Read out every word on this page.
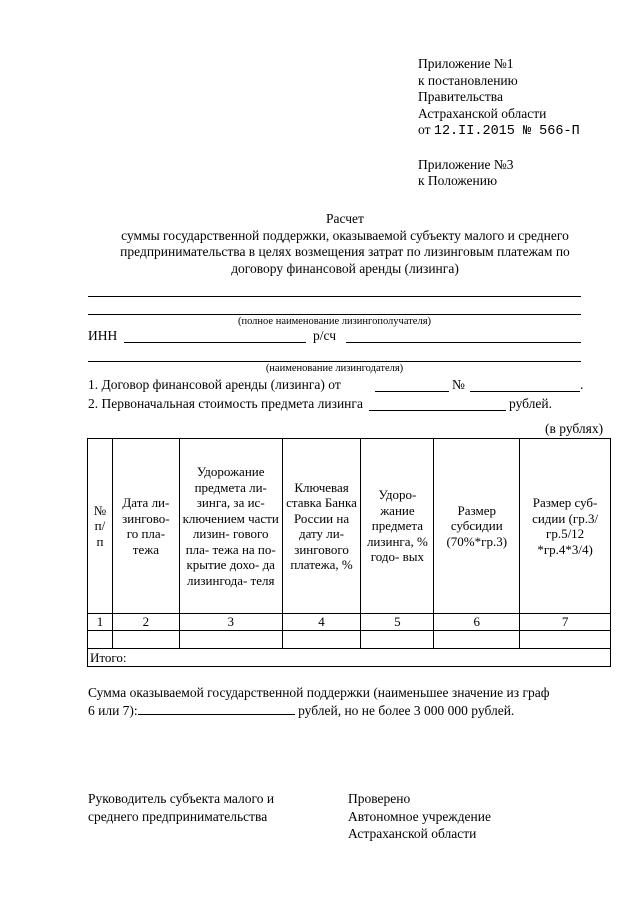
Приложение №1
к постановлению
Правительства
Астраханской области
от 12.II.2015 № 566-П
Приложение №3
к Положению
Расчет
суммы государственной поддержки, оказываемой субъекту малого и среднего
предпринимательства в целях возмещения затрат по лизинговым платежам по
договору финансовой аренды (лизинга)
(полное наименование лизингополучателя)
ИНН	р/сч
(наименование лизингодателя)
1. Договор финансовой аренды (лизинга) от	№	.
2. Первоначальная стоимость предмета лизинга	рублей.
(в рублях)
№ п/ п	Дата ли- зингово- го пла- тежа	Удорожание предмета ли- зинга, за ис- ключением части лизин- гового пла- тежа на по- крытие дохо- да лизингода- теля	Ключевая ставка Банка России на дату ли- зингового платежа, %	Удоро- жание предмета лизинга, % годо- вых	Размер субсидии (70%*гр.3)	Размер суб- сидии (гр.3/гр.5/12 *гр.4*3/4)
1	2	3	4	5	6	7

Итого:						
Сумма оказываемой государственной поддержки (наименьшее значение из граф
6 или 7):	рублей, но не более 3 000 000 рублей.
Руководитель субъекта малого и
среднего предпринимательства
Проверено
Автономное учреждение
Астраханской области
